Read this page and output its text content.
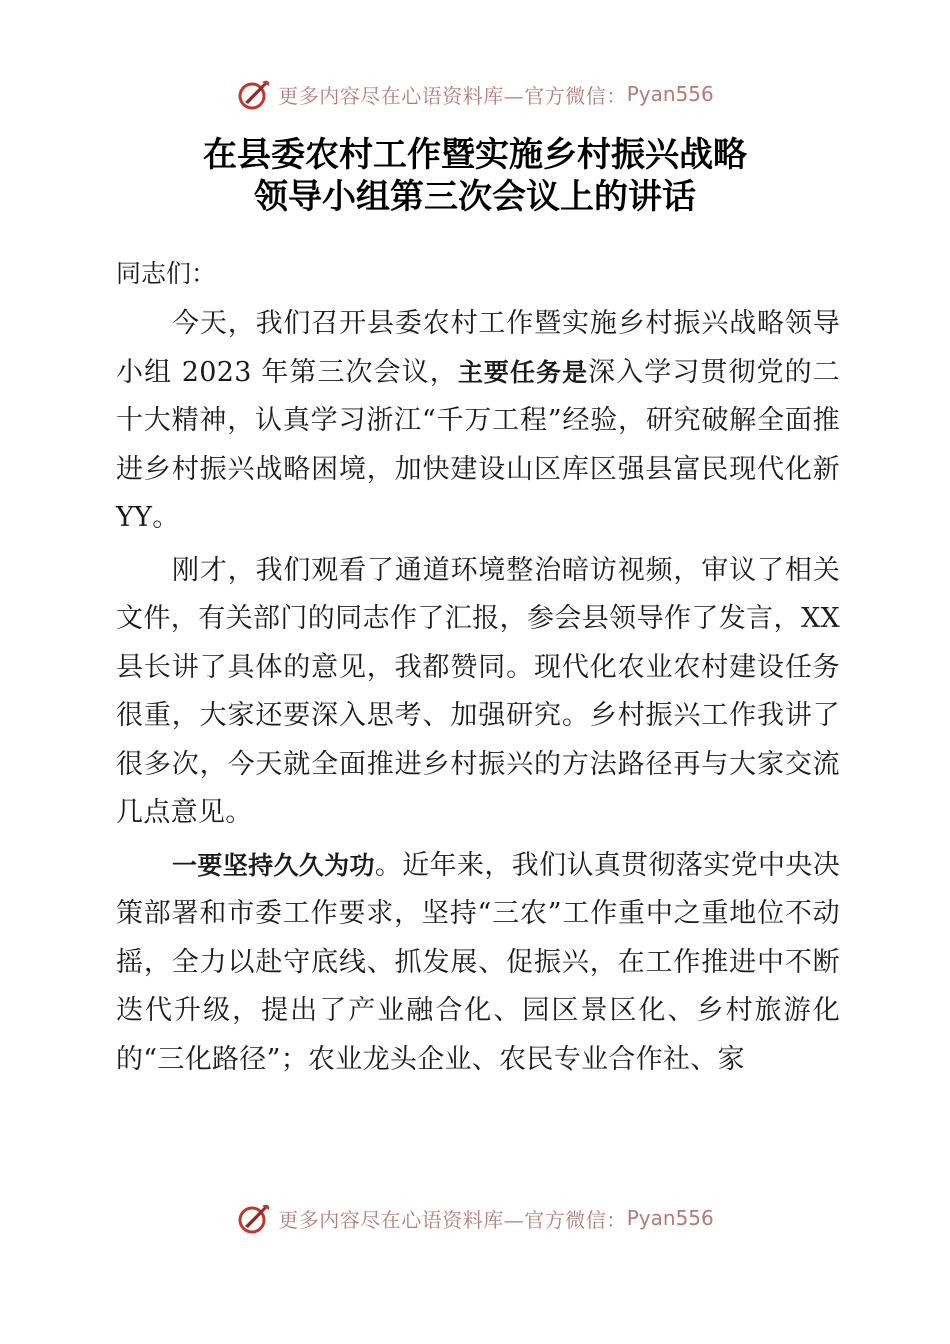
更多内容尽在心语资料库—官方微信： Pyan556
在县委农村工作暨实施乡村振兴战略
领导小组第三次会议上的讲话
同志们：

今天，我们召开县委农村工作暨实施乡村振兴战略领导小组 2023 年第三次会议，主要任务是深入学习贯彻党的二十大精神，认真学习浙江“千万工程”经验，研究破解全面推进乡村振兴战略困境，加快建设山区库区强县富民现代化新 YY。

刚才，我们观看了通道环境整治暗访视频，审议了相关文件，有关部门的同志作了汇报，参会县领导作了发言，XX 县长讲了具体的意见，我都赞同。现代化农业农村建设任务很重，大家还要深入思考、加强研究。乡村振兴工作我讲了很多次，今天就全面推进乡村振兴的方法路径再与大家交流几点意见。

一要坚持久久为功。近年来，我们认真贯彻落实党中央决策部署和市委工作要求，坚持“三农”工作重中之重地位不动摇，全力以赴守底线、抓发展、促振兴，在工作推进中不断迭代升级，提出了产业融合化、园区景区化、乡村旅游化的“三化路径”；农业龙头企业、农民专业合作社、家

更多内容尽在心语资料库—官方微信： Pyan556
